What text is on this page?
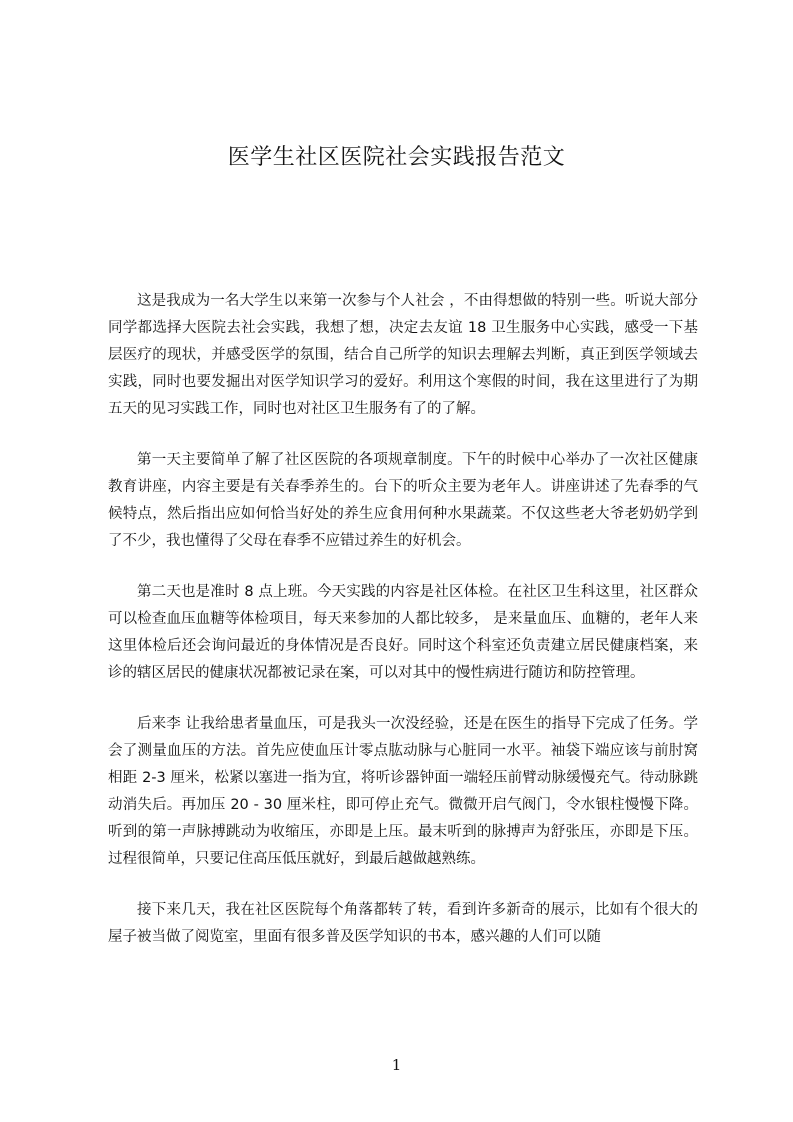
医学生社区医院社会实践报告范文

这是我成为一名大学生以来第一次参与个人社会 ，不由得想做的特别一些。听说大部分同学都选择大医院去社会实践，我想了想，决定去友谊 18 卫生服务中心实践，感受一下基层医疗的现状，并感受医学的氛围，结合自己所学的知识去理解去判断，真正到医学领域去实践，同时也要发掘出对医学知识学习的爱好。利用这个寒假的时间，我在这里进行了为期五天的见习实践工作，同时也对社区卫生服务有了的了解。

第一天主要简单了解了社区医院的各项规章制度。下午的时候中心举办了一次社区健康教育讲座，内容主要是有关春季养生的。台下的听众主要为老年人。讲座讲述了先春季的气候特点，然后指出应如何恰当好处的养生应食用何种水果蔬菜。不仅这些老大爷老奶奶学到了不少，我也懂得了父母在春季不应错过养生的好机会。

第二天也是准时 8 点上班。今天实践的内容是社区体检。在社区卫生科这里，社区群众可以检查血压血糖等体检项目，每天来参加的人都比较多， 是来量血压、血糖的，老年人来这里体检后还会询问最近的身体情况是否良好。同时这个科室还负责建立居民健康档案，来诊的辖区居民的健康状况都被记录在案，可以对其中的慢性病进行随访和防控管理。

后来李 让我给患者量血压，可是我头一次没经验，还是在医生的指导下完成了任务。学会了测量血压的方法。首先应使血压计零点肱动脉与心脏同一水平。袖袋下端应该与前肘窝相距 2-3 厘米，松紧以塞进一指为宜，将听诊器钟面一端轻压前臂动脉缓慢充气。待动脉跳动消失后。再加压 20 - 30 厘米柱，即可停止充气。微微开启气阀门，令水银柱慢慢下降。听到的第一声脉搏跳动为收缩压，亦即是上压。最末听到的脉搏声为舒张压，亦即是下压。过程很简单，只要记住高压低压就好，到最后越做越熟练。

接下来几天，我在社区医院每个角落都转了转，看到许多新奇的展示，比如有个很大的屋子被当做了阅览室，里面有很多普及医学知识的书本，感兴趣的人们可以随

1
